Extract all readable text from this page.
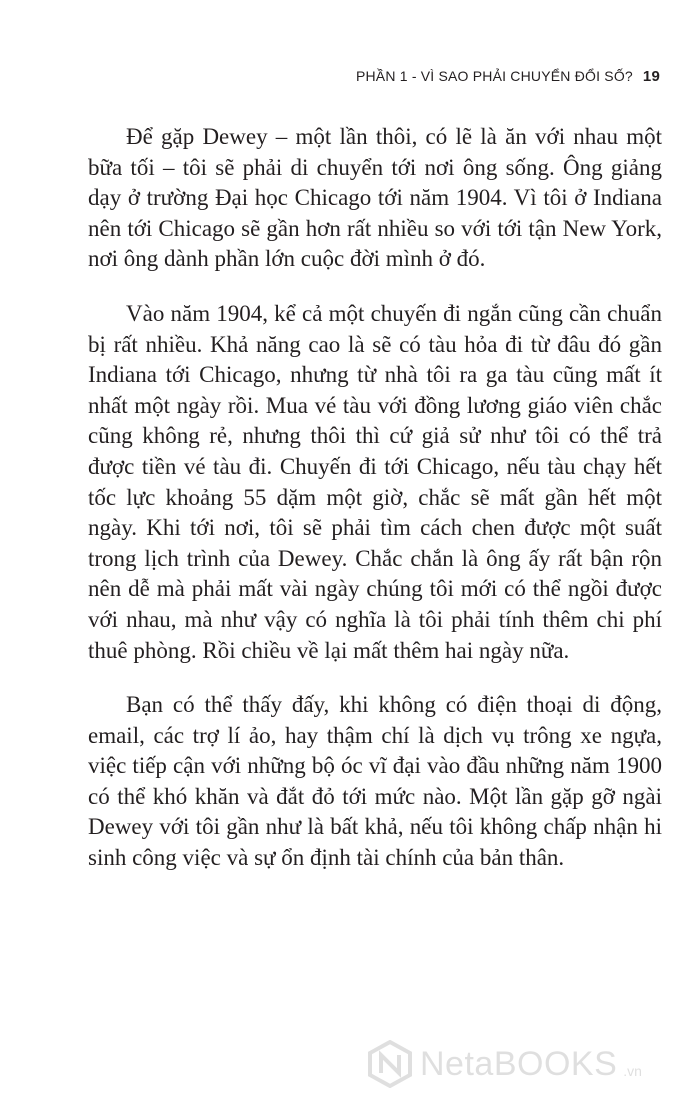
PHẦN 1 - VÌ SAO PHẢI CHUYỂN ĐỔI SỐ? 19

Để gặp Dewey – một lần thôi, có lẽ là ăn với nhau một bữa tối – tôi sẽ phải di chuyển tới nơi ông sống. Ông giảng dạy ở trường Đại học Chicago tới năm 1904. Vì tôi ở Indiana nên tới Chicago sẽ gần hơn rất nhiều so với tới tận New York, nơi ông dành phần lớn cuộc đời mình ở đó.

Vào năm 1904, kể cả một chuyến đi ngắn cũng cần chuẩn bị rất nhiều. Khả năng cao là sẽ có tàu hỏa đi từ đâu đó gần Indiana tới Chicago, nhưng từ nhà tôi ra ga tàu cũng mất ít nhất một ngày rồi. Mua vé tàu với đồng lương giáo viên chắc cũng không rẻ, nhưng thôi thì cứ giả sử như tôi có thể trả được tiền vé tàu đi. Chuyến đi tới Chicago, nếu tàu chạy hết tốc lực khoảng 55 dặm một giờ, chắc sẽ mất gần hết một ngày. Khi tới nơi, tôi sẽ phải tìm cách chen được một suất trong lịch trình của Dewey. Chắc chắn là ông ấy rất bận rộn nên dễ mà phải mất vài ngày chúng tôi mới có thể ngồi được với nhau, mà như vậy có nghĩa là tôi phải tính thêm chi phí thuê phòng. Rồi chiều về lại mất thêm hai ngày nữa.

Bạn có thể thấy đấy, khi không có điện thoại di động, email, các trợ lí ảo, hay thậm chí là dịch vụ trông xe ngựa, việc tiếp cận với những bộ óc vĩ đại vào đầu những năm 1900 có thể khó khăn và đắt đỏ tới mức nào. Một lần gặp gỡ ngài Dewey với tôi gần như là bất khả, nếu tôi không chấp nhận hi sinh công việc và sự ổn định tài chính của bản thân.

NetaBOOKS .vn
